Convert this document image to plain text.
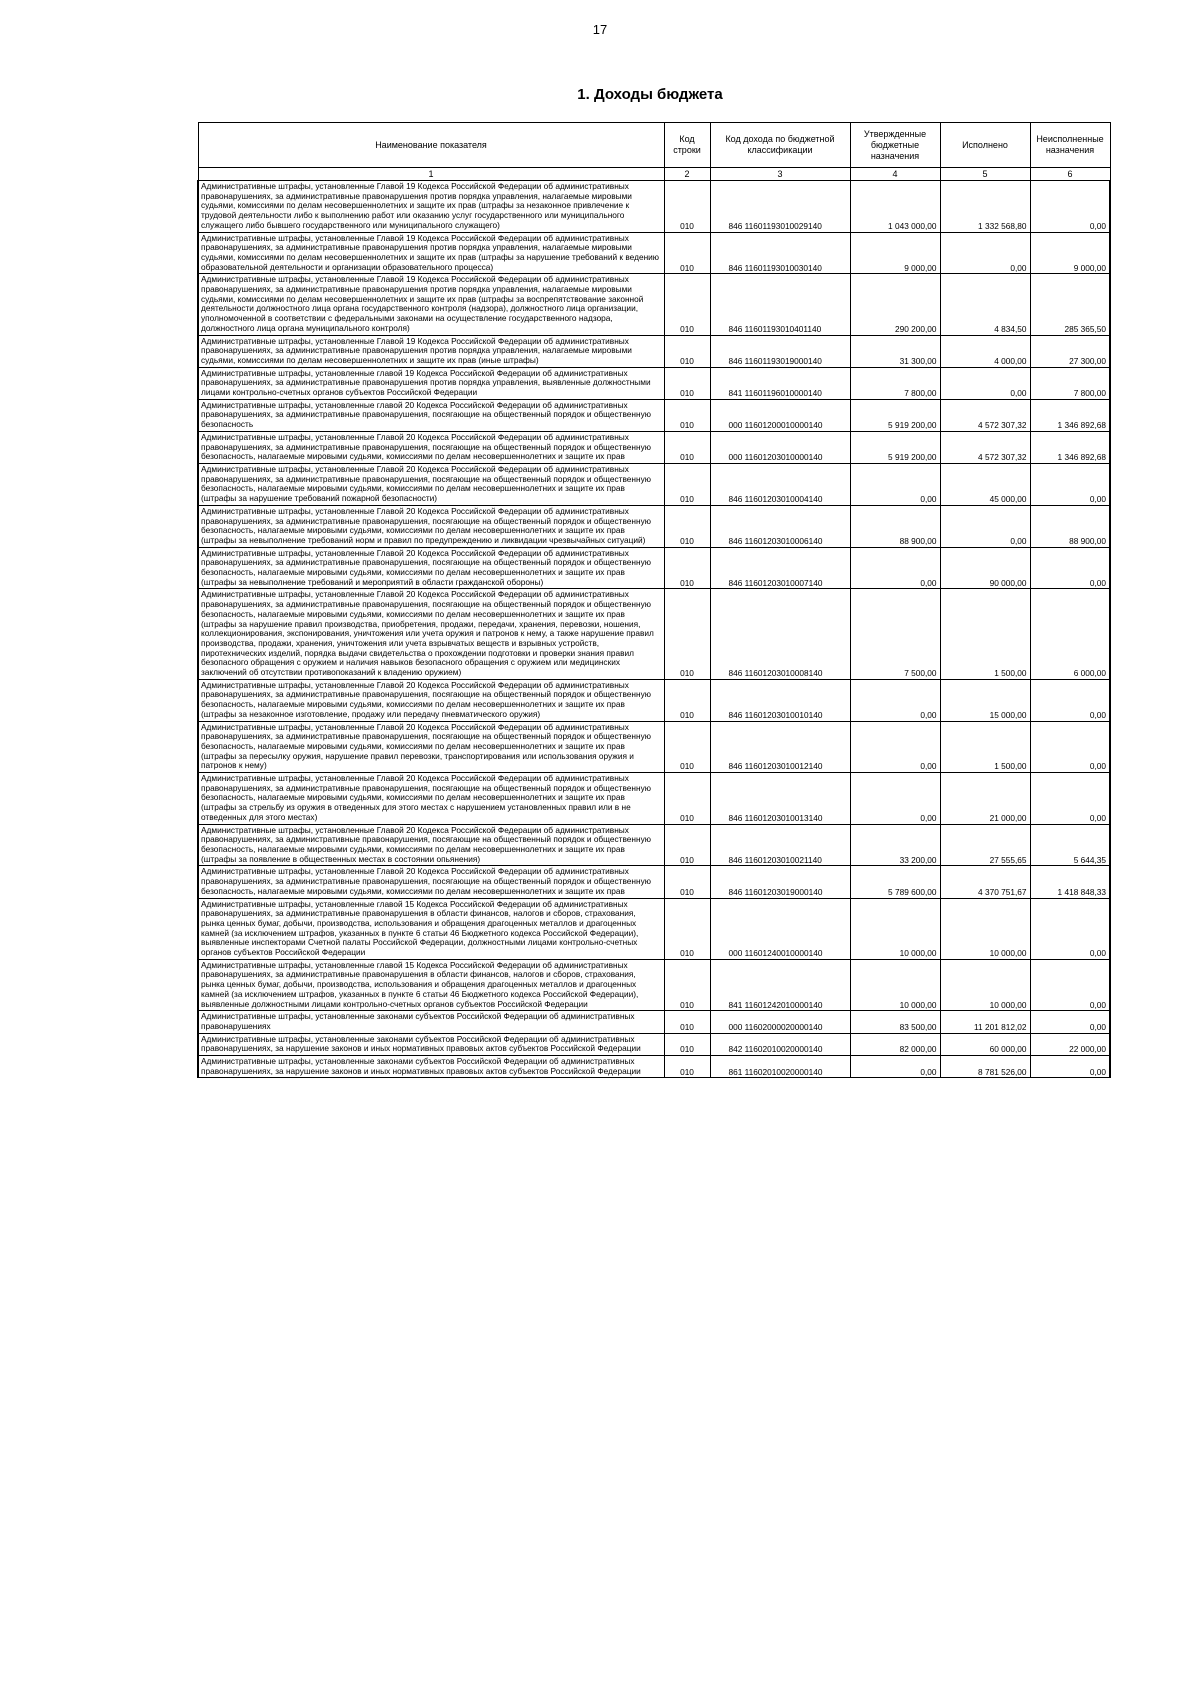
17
1. Доходы бюджета
Наименование показателя	Код строки	Код дохода по бюджетной классификации	Утвержденные бюджетные назначения	Исполнено	Неисполненные назначения
1	2	3	4	5	6
Административные штрафы, установленные Главой 19 Кодекса Российской Федерации об административных правонарушениях, за административные правонарушения против порядка управления, налагаемые мировыми судьями, комиссиями по делам несовершеннолетних и защите их прав (штрафы за незаконное привлечение к трудовой деятельности либо к выполнению работ или оказанию услуг государственного или муниципального служащего либо бывшего государственного или муниципального служащего)	010	846 11601193010029140	1 043 000,00	1 332 568,80	0,00
Административные штрафы, установленные Главой 19 Кодекса Российской Федерации об административных правонарушениях, за административные правонарушения против порядка управления, налагаемые мировыми судьями, комиссиями по делам несовершеннолетних и защите их прав (штрафы за нарушение требований к ведению образовательной деятельности и организации образовательного процесса)	010	846 11601193010030140	9 000,00	0,00	9 000,00
Административные штрафы, установленные Главой 19 Кодекса Российской Федерации об административных правонарушениях, за административные правонарушения против порядка управления, налагаемые мировыми судьями, комиссиями по делам несовершеннолетних и защите их прав (штрафы за воспрепятствование законной деятельности должностного лица органа государственного контроля (надзора), должностного лица организации, уполномоченной в соответствии с федеральными законами на осуществление государственного надзора, должностного лица органа муниципального контроля)	010	846 11601193010401140	290 200,00	4 834,50	285 365,50
Административные штрафы, установленные Главой 19 Кодекса Российской Федерации об административных правонарушениях, за административные правонарушения против порядка управления, налагаемые мировыми судьями, комиссиями по делам несовершеннолетних и защите их прав (иные штрафы)	010	846 11601193019000140	31 300,00	4 000,00	27 300,00
Административные штрафы, установленные главой 19 Кодекса Российской Федерации об административных правонарушениях, за административные правонарушения против порядка управления, выявленные должностными лицами контрольно-счетных органов субъектов Российской Федерации	010	841 11601196010000140	7 800,00	0,00	7 800,00
Административные штрафы, установленные главой 20 Кодекса Российской Федерации об административных правонарушениях, за административные правонарушения, посягающие на общественный порядок и общественную безопасность	010	000 11601200010000140	5 919 200,00	4 572 307,32	1 346 892,68
Административные штрафы, установленные Главой 20 Кодекса Российской Федерации об административных правонарушениях, за административные правонарушения, посягающие на общественный порядок и общественную безопасность, налагаемые мировыми судьями, комиссиями по делам несовершеннолетних и защите их прав	010	000 11601203010000140	5 919 200,00	4 572 307,32	1 346 892,68
Административные штрафы, установленные Главой 20 Кодекса Российской Федерации об административных правонарушениях, за административные правонарушения, посягающие на общественный порядок и общественную безопасность, налагаемые мировыми судьями, комиссиями по делам несовершеннолетних и защите их прав (штрафы за нарушение требований пожарной безопасности)	010	846 11601203010004140	0,00	45 000,00	0,00
Административные штрафы, установленные Главой 20 Кодекса Российской Федерации об административных правонарушениях, за административные правонарушения, посягающие на общественный порядок и общественную безопасность, налагаемые мировыми судьями, комиссиями по делам несовершеннолетних и защите их прав (штрафы за невыполнение требований норм и правил по предупреждению и ликвидации чрезвычайных ситуаций)	010	846 11601203010006140	88 900,00	0,00	88 900,00
Административные штрафы, установленные Главой 20 Кодекса Российской Федерации об административных правонарушениях, за административные правонарушения, посягающие на общественный порядок и общественную безопасность, налагаемые мировыми судьями, комиссиями по делам несовершеннолетних и защите их прав (штрафы за невыполнение требований и мероприятий в области гражданской обороны)	010	846 11601203010007140	0,00	90 000,00	0,00
Административные штрафы, установленные Главой 20 Кодекса Российской Федерации об административных правонарушениях, за административные правонарушения, посягающие на общественный порядок и общественную безопасность, налагаемые мировыми судьями, комиссиями по делам несовершеннолетних и защите их прав (штрафы за нарушение правил производства, приобретения, продажи, передачи, хранения, перевозки, ношения, коллекционирования, экспонирования, уничтожения или учета оружия и патронов к нему, а также нарушение правил производства, продажи, хранения, уничтожения или учета взрывчатых веществ и взрывных устройств, пиротехнических изделий, порядка выдачи свидетельства о прохождении подготовки и проверки знания правил безопасного обращения с оружием и наличия навыков безопасного обращения с оружием или медицинских заключений об отсутствии противопоказаний к владению оружием)	010	846 11601203010008140	7 500,00	1 500,00	6 000,00
Административные штрафы, установленные Главой 20 Кодекса Российской Федерации об административных правонарушениях, за административные правонарушения, посягающие на общественный порядок и общественную безопасность, налагаемые мировыми судьями, комиссиями по делам несовершеннолетних и защите их прав (штрафы за незаконное изготовление, продажу или передачу пневматического оружия)	010	846 11601203010010140	0,00	15 000,00	0,00
Административные штрафы, установленные Главой 20 Кодекса Российской Федерации об административных правонарушениях, за административные правонарушения, посягающие на общественный порядок и общественную безопасность, налагаемые мировыми судьями, комиссиями по делам несовершеннолетних и защите их прав (штрафы за пересылку оружия, нарушение правил перевозки, транспортирования или использования оружия и патронов к нему)	010	846 11601203010012140	0,00	1 500,00	0,00
Административные штрафы, установленные Главой 20 Кодекса Российской Федерации об административных правонарушениях, за административные правонарушения, посягающие на общественный порядок и общественную безопасность, налагаемые мировыми судьями, комиссиями по делам несовершеннолетних и защите их прав (штрафы за стрельбу из оружия в отведенных для этого местах с нарушением установленных правил или в не отведенных для этого местах)	010	846 11601203010013140	0,00	21 000,00	0,00
Административные штрафы, установленные Главой 20 Кодекса Российской Федерации об административных правонарушениях, за административные правонарушения, посягающие на общественный порядок и общественную безопасность, налагаемые мировыми судьями, комиссиями по делам несовершеннолетних и защите их прав (штрафы за появление в общественных местах в состоянии опьянения)	010	846 11601203010021140	33 200,00	27 555,65	5 644,35
Административные штрафы, установленные Главой 20 Кодекса Российской Федерации об административных правонарушениях, за административные правонарушения, посягающие на общественный порядок и общественную безопасность, налагаемые мировыми судьями, комиссиями по делам несовершеннолетних и защите их прав	010	846 11601203019000140	5 789 600,00	4 370 751,67	1 418 848,33
Административные штрафы, установленные главой 15 Кодекса Российской Федерации об административных правонарушениях, за административные правонарушения в области финансов, налогов и сборов, страхования, рынка ценных бумаг, добычи, производства, использования и обращения драгоценных металлов и драгоценных камней (за исключением штрафов, указанных в пункте 6 статьи 46 Бюджетного кодекса Российской Федерации), выявленные инспекторами Счетной палаты Российской Федерации, должностными лицами контрольно-счетных органов субъектов Российской Федерации	010	000 11601240010000140	10 000,00	10 000,00	0,00
Административные штрафы, установленные главой 15 Кодекса Российской Федерации об административных правонарушениях, за административные правонарушения в области финансов, налогов и сборов, страхования, рынка ценных бумаг, добычи, производства, использования и обращения драгоценных металлов и драгоценных камней (за исключением штрафов, указанных в пункте 6 статьи 46 Бюджетного кодекса Российской Федерации), выявленные должностными лицами контрольно-счетных органов субъектов Российской Федерации	010	841 11601242010000140	10 000,00	10 000,00	0,00
Административные штрафы, установленные законами субъектов Российской Федерации об административных правонарушениях	010	000 11602000020000140	83 500,00	11 201 812,02	0,00
Административные штрафы, установленные законами субъектов Российской Федерации об административных правонарушениях, за нарушение законов и иных нормативных правовых актов субъектов Российской Федерации	010	842 11602010020000140	82 000,00	60 000,00	22 000,00
Административные штрафы, установленные законами субъектов Российской Федерации об административных правонарушениях, за нарушение законов и иных нормативных правовых актов субъектов Российской Федерации	010	861 11602010020000140	0,00	8 781 526,00	0,00
